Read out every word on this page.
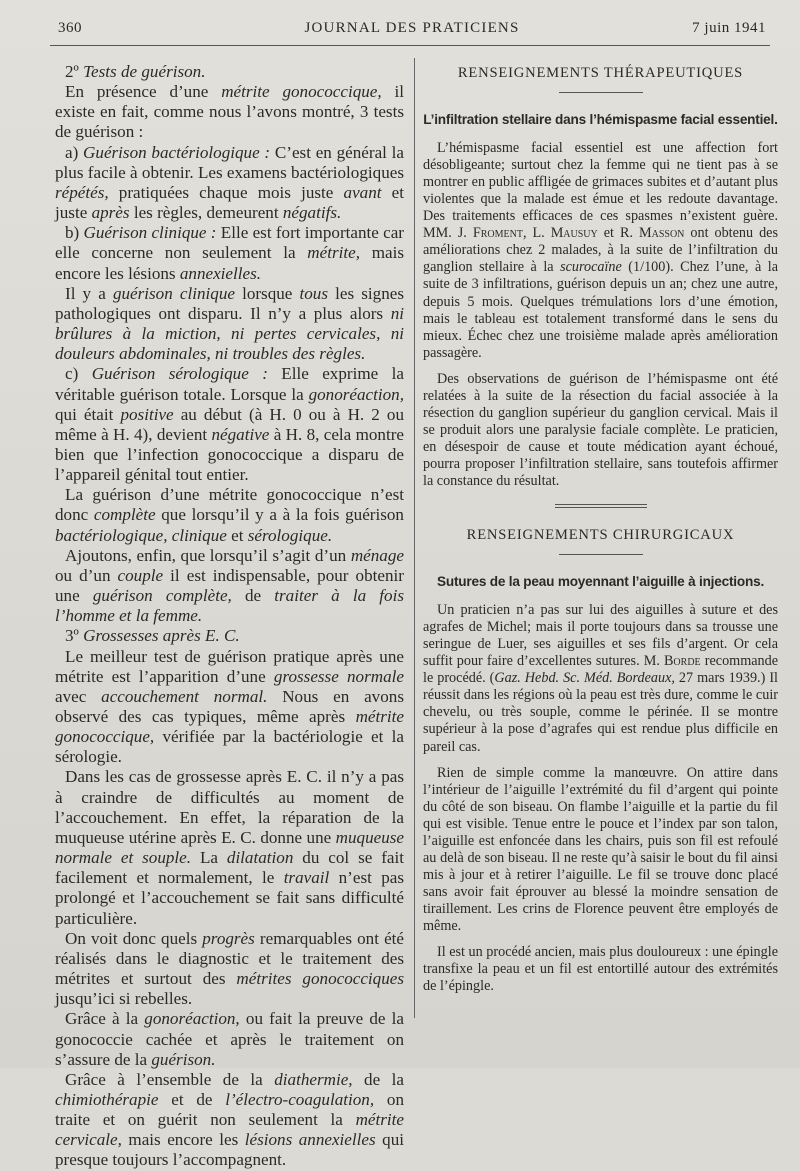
360	JOURNAL DES PRATICIENS	7 juin 1941

2º Tests de guérison.

En présence d’une métrite gonococcique, il existe en fait, comme nous l’avons montré, 3 tests de guérison :

a) Guérison bactériologique : C’est en général la plus facile à obtenir. Les examens bactériologiques répétés, pratiquées chaque mois juste avant et juste après les règles, demeurent négatifs.

b) Guérison clinique : Elle est fort importante car elle concerne non seulement la métrite, mais encore les lésions annexielles.

Il y a guérison clinique lorsque tous les signes pathologiques ont disparu. Il n’y a plus alors ni brûlures à la miction, ni pertes cervicales, ni douleurs abdominales, ni troubles des règles.

c) Guérison sérologique : Elle exprime la véritable guérison totale. Lorsque la gonoréaction, qui était positive au début (à H. 0 ou à H. 2 ou même à H. 4), devient négative à H. 8, cela montre bien que l’infection gonococcique a disparu de l’appareil génital tout entier.

La guérison d’une métrite gonococcique n’est donc complète que lorsqu’il y a à la fois guérison bactériologique, clinique et sérologique.

Ajoutons, enfin, que lorsqu’il s’agit d’un ménage ou d’un couple il est indispensable, pour obtenir une guérison complète, de traiter à la fois l’homme et la femme.

3º Grossesses après E. C.

Le meilleur test de guérison pratique après une métrite est l’apparition d’une grossesse normale avec accouchement normal. Nous en avons observé des cas typiques, même après métrite gonococcique, vérifiée par la bactériologie et la sérologie.

Dans les cas de grossesse après E. C. il n’y a pas à craindre de difficultés au moment de l’accouchement. En effet, la réparation de la muqueuse utérine après E. C. donne une muqueuse normale et souple. La dilatation du col se fait facilement et normalement, le travail n’est pas prolongé et l’accouchement se fait sans difficulté particulière.

On voit donc quels progrès remarquables ont été réalisés dans le diagnostic et le traitement des métrites et surtout des métrites gonococciques jusqu’ici si rebelles.

Grâce à la gonoréaction, ou fait la preuve de la gonococcie cachée et après le traitement on s’assure de la guérison.

Grâce à l’ensemble de la diathermie, de la chimiothérapie et de l’électro-coagulation, on traite et on guérit non seulement la métrite cervicale, mais encore les lésions annexielles qui presque toujours l’accompagnent.

RENSEIGNEMENTS THÉRAPEUTIQUES

L’infiltration stellaire dans l’hémispasme facial essentiel.

L’hémispasme facial essentiel est une affection fort désobligeante; surtout chez la femme qui ne tient pas à se montrer en public affligée de grimaces subites et d’autant plus violentes que la malade est émue et les redoute davantage. Des traitements efficaces de ces spasmes n’existent guère. MM. J. Froment, L. Mausuy et R. Masson ont obtenu des améliorations chez 2 malades, à la suite de l’infiltration du ganglion stellaire à la scurocaïne (1/100). Chez l’une, à la suite de 3 infiltrations, guérison depuis un an; chez une autre, depuis 5 mois. Quelques trémulations lors d’une émotion, mais le tableau est totalement transformé dans le sens du mieux. Échec chez une troisième malade après amélioration passagère.

Des observations de guérison de l’hémispasme ont été relatées à la suite de la résection du facial associée à la résection du ganglion supérieur du ganglion cervical. Mais il se produit alors une paralysie faciale complète. Le praticien, en désespoir de cause et toute médication ayant échoué, pourra proposer l’infiltration stellaire, sans toutefois affirmer la constance du résultat.

RENSEIGNEMENTS CHIRURGICAUX

Sutures de la peau moyennant l’aiguille à injections.

Un praticien n’a pas sur lui des aiguilles à suture et des agrafes de Michel; mais il porte toujours dans sa trousse une seringue de Luer, ses aiguilles et ses fils d’argent. Or cela suffit pour faire d’excellentes sutures. M. Borde recommande le procédé. (Gaz. Hebd. Sc. Méd. Bordeaux, 27 mars 1939.) Il réussit dans les régions où la peau est très dure, comme le cuir chevelu, ou très souple, comme le périnée. Il se montre supérieur à la pose d’agrafes qui est rendue plus difficile en pareil cas.

Rien de simple comme la manœuvre. On attire dans l’intérieur de l’aiguille l’extrémité du fil d’argent qui pointe du côté de son biseau. On flambe l’aiguille et la partie du fil qui est visible. Tenue entre le pouce et l’index par son talon, l’aiguille est enfoncée dans les chairs, puis son fil est refoulé au delà de son biseau. Il ne reste qu’à saisir le bout du fil ainsi mis à jour et à retirer l’aiguille. Le fil se trouve donc placé sans avoir fait éprouver au blessé la moindre sensation de tiraillement. Les crins de Florence peuvent être employés de même.

Il est un procédé ancien, mais plus douloureux : une épingle transfixe la peau et un fil est entortillé autour des extrémités de l’épingle.
